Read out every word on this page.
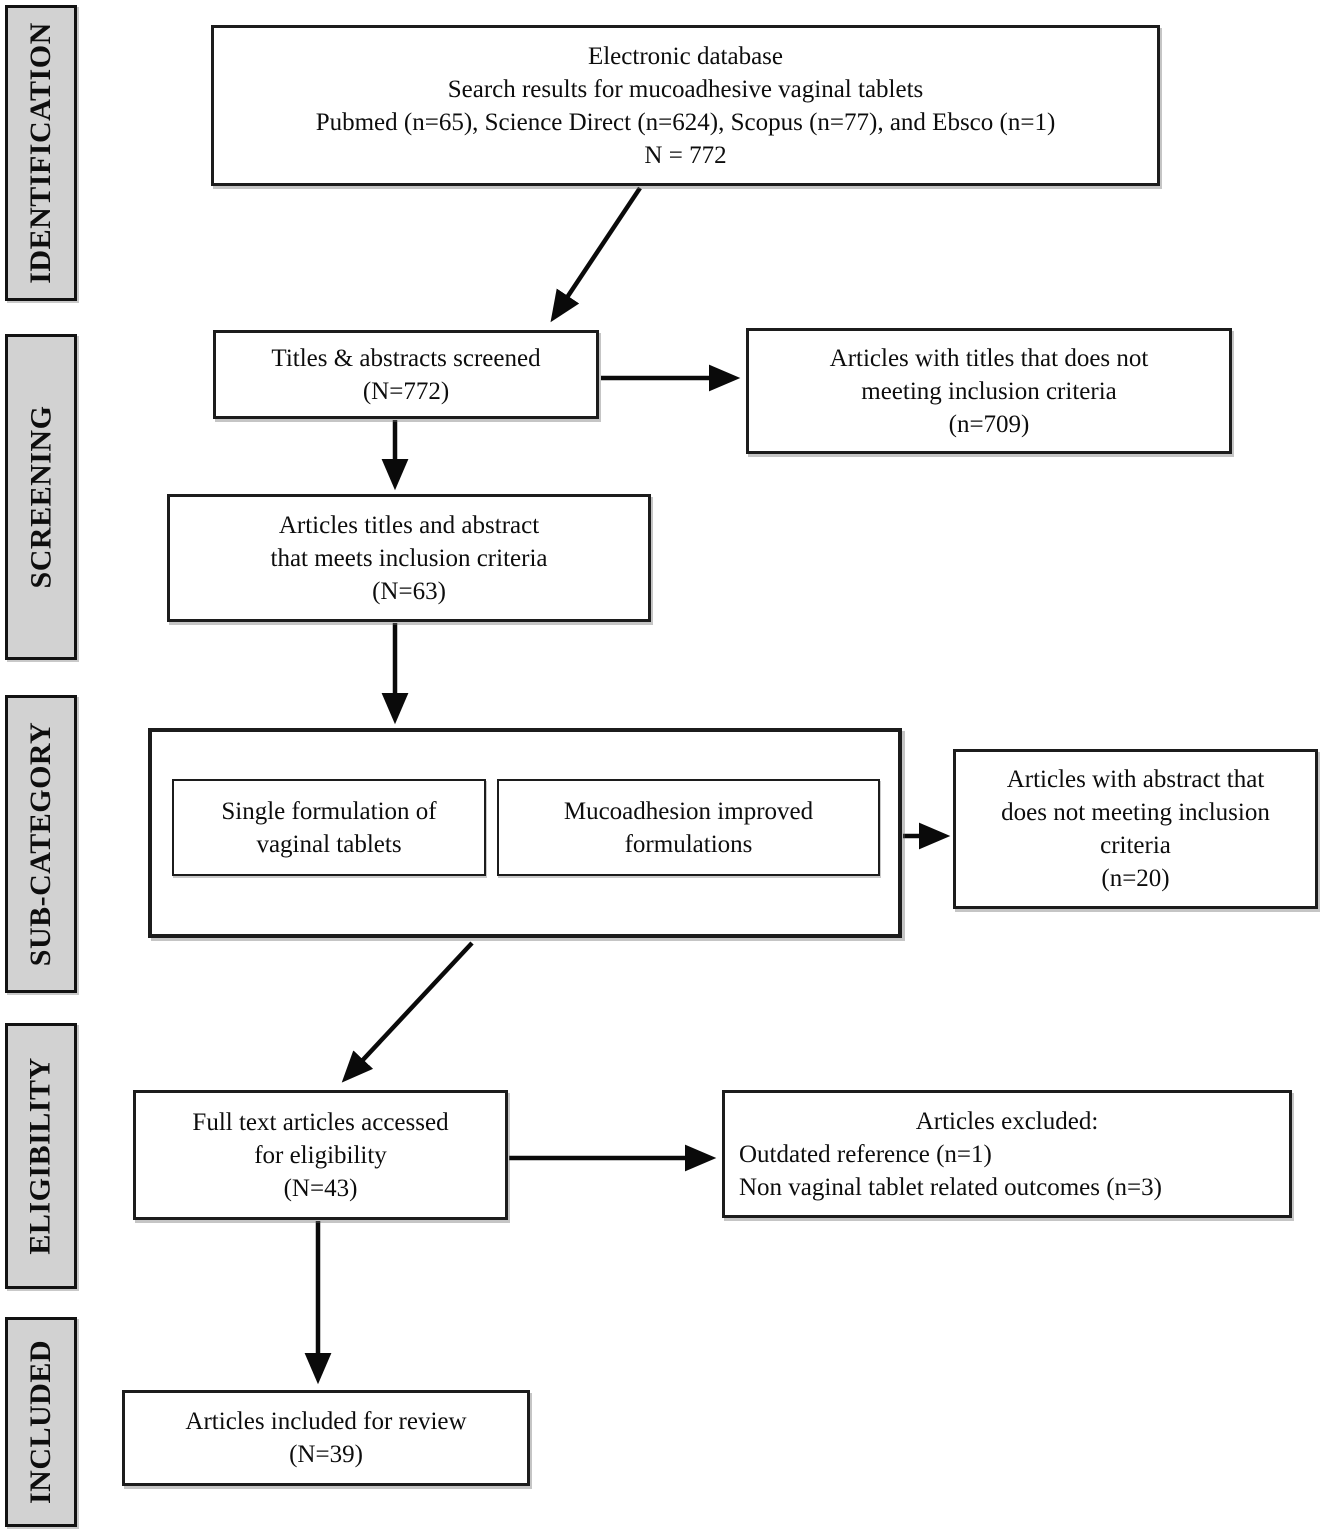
IDENTIFICATION
SCREENING
SUB-CATEGORY
ELIGIBILITY
INCLUDED
Electronic database
Search results for mucoadhesive vaginal tablets
Pubmed (n=65), Science Direct (n=624), Scopus (n=77), and Ebsco (n=1)
N = 772
Titles & abstracts screened
(N=772)
Articles with titles that does not
meeting inclusion criteria
(n=709)
Articles titles and abstract
that meets inclusion criteria
(N=63)
Single formulation of
vaginal tablets
Mucoadhesion improved
formulations
Articles with abstract that
does not meeting inclusion
criteria
(n=20)
Full text articles accessed
for eligibility
(N=43)
Articles excluded:
Outdated reference (n=1)
Non vaginal tablet related outcomes (n=3)
Articles included for review
(N=39)
